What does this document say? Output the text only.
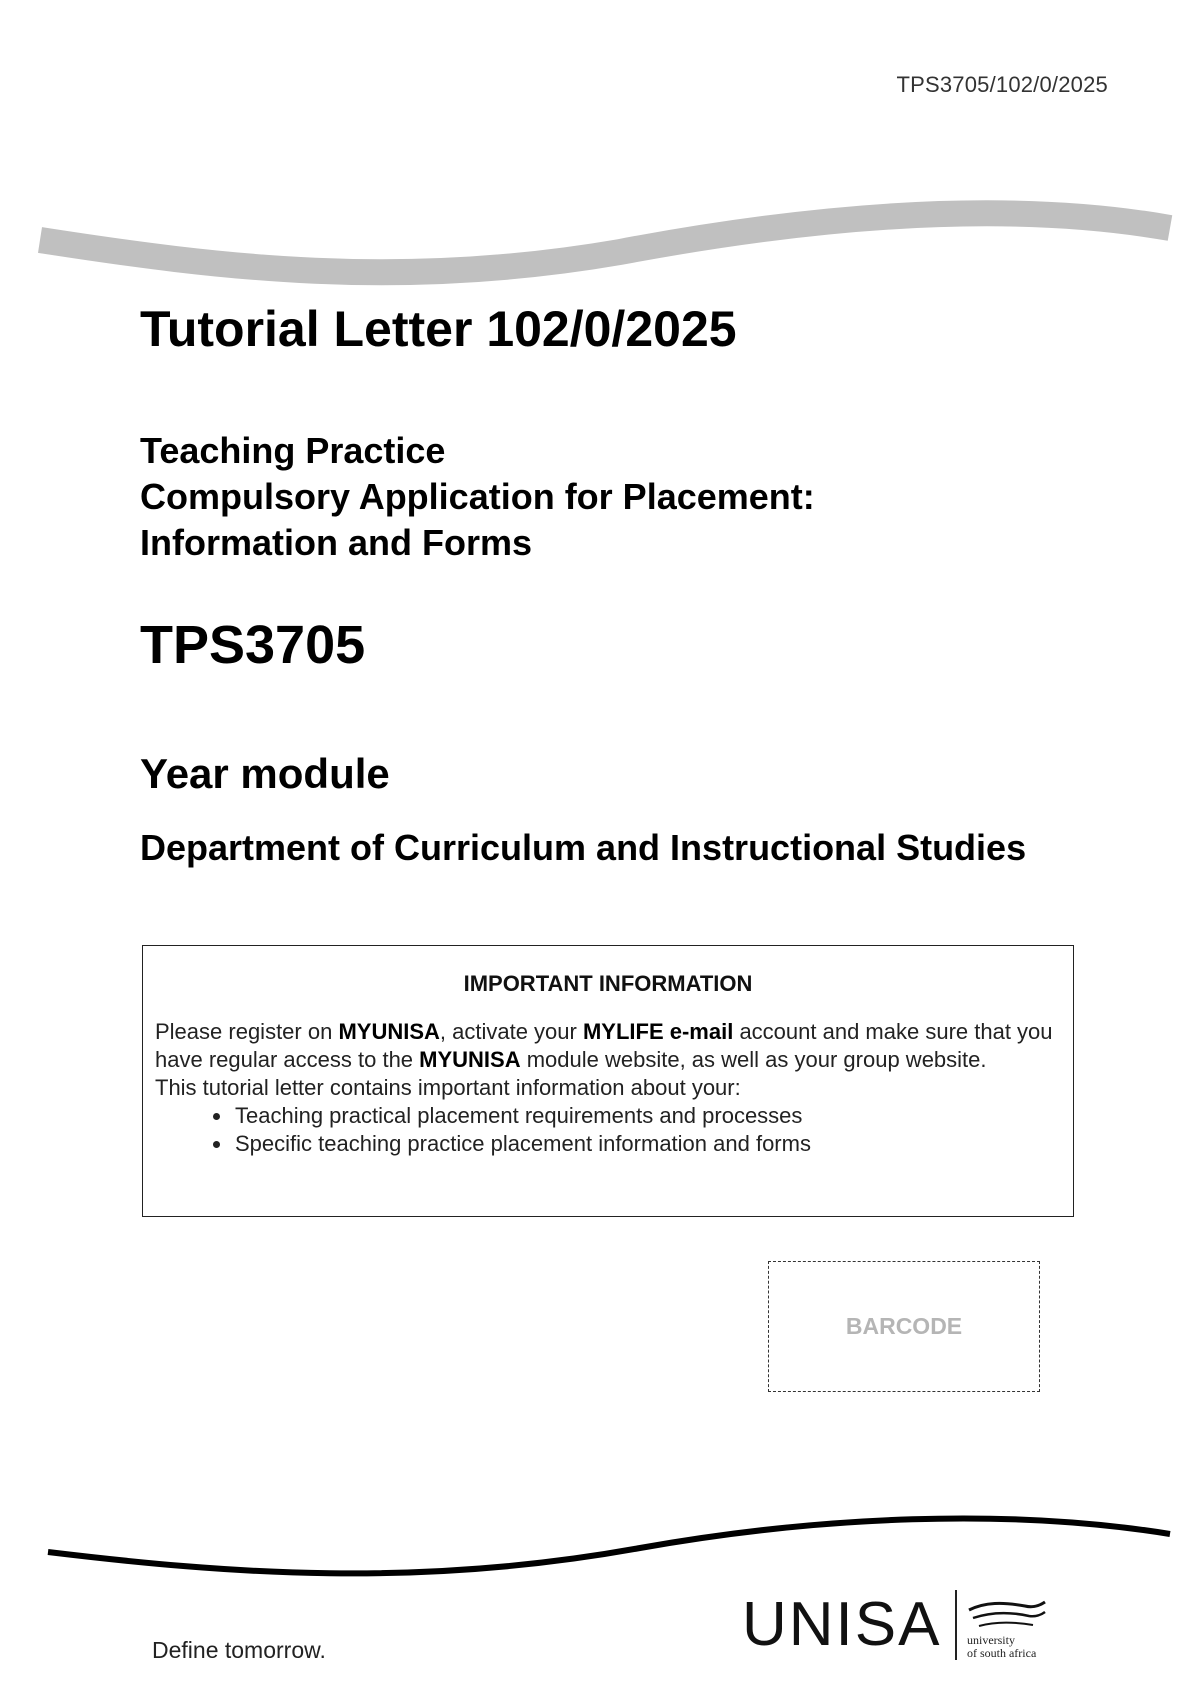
TPS3705/102/0/2025
Tutorial Letter 102/0/2025
Teaching Practice
Compulsory Application for Placement:
Information and Forms
TPS3705
Year module
Department of Curriculum and Instructional Studies
IMPORTANT INFORMATION

Please register on MYUNISA, activate your MYLIFE e-mail account and make sure that you have regular access to the MYUNISA module website, as well as your group website.

This tutorial letter contains important information about your:

• Teaching practical placement requirements and processes
• Specific teaching practice placement information and forms
BARCODE
Define tomorrow.	UNISA university
of south africa
